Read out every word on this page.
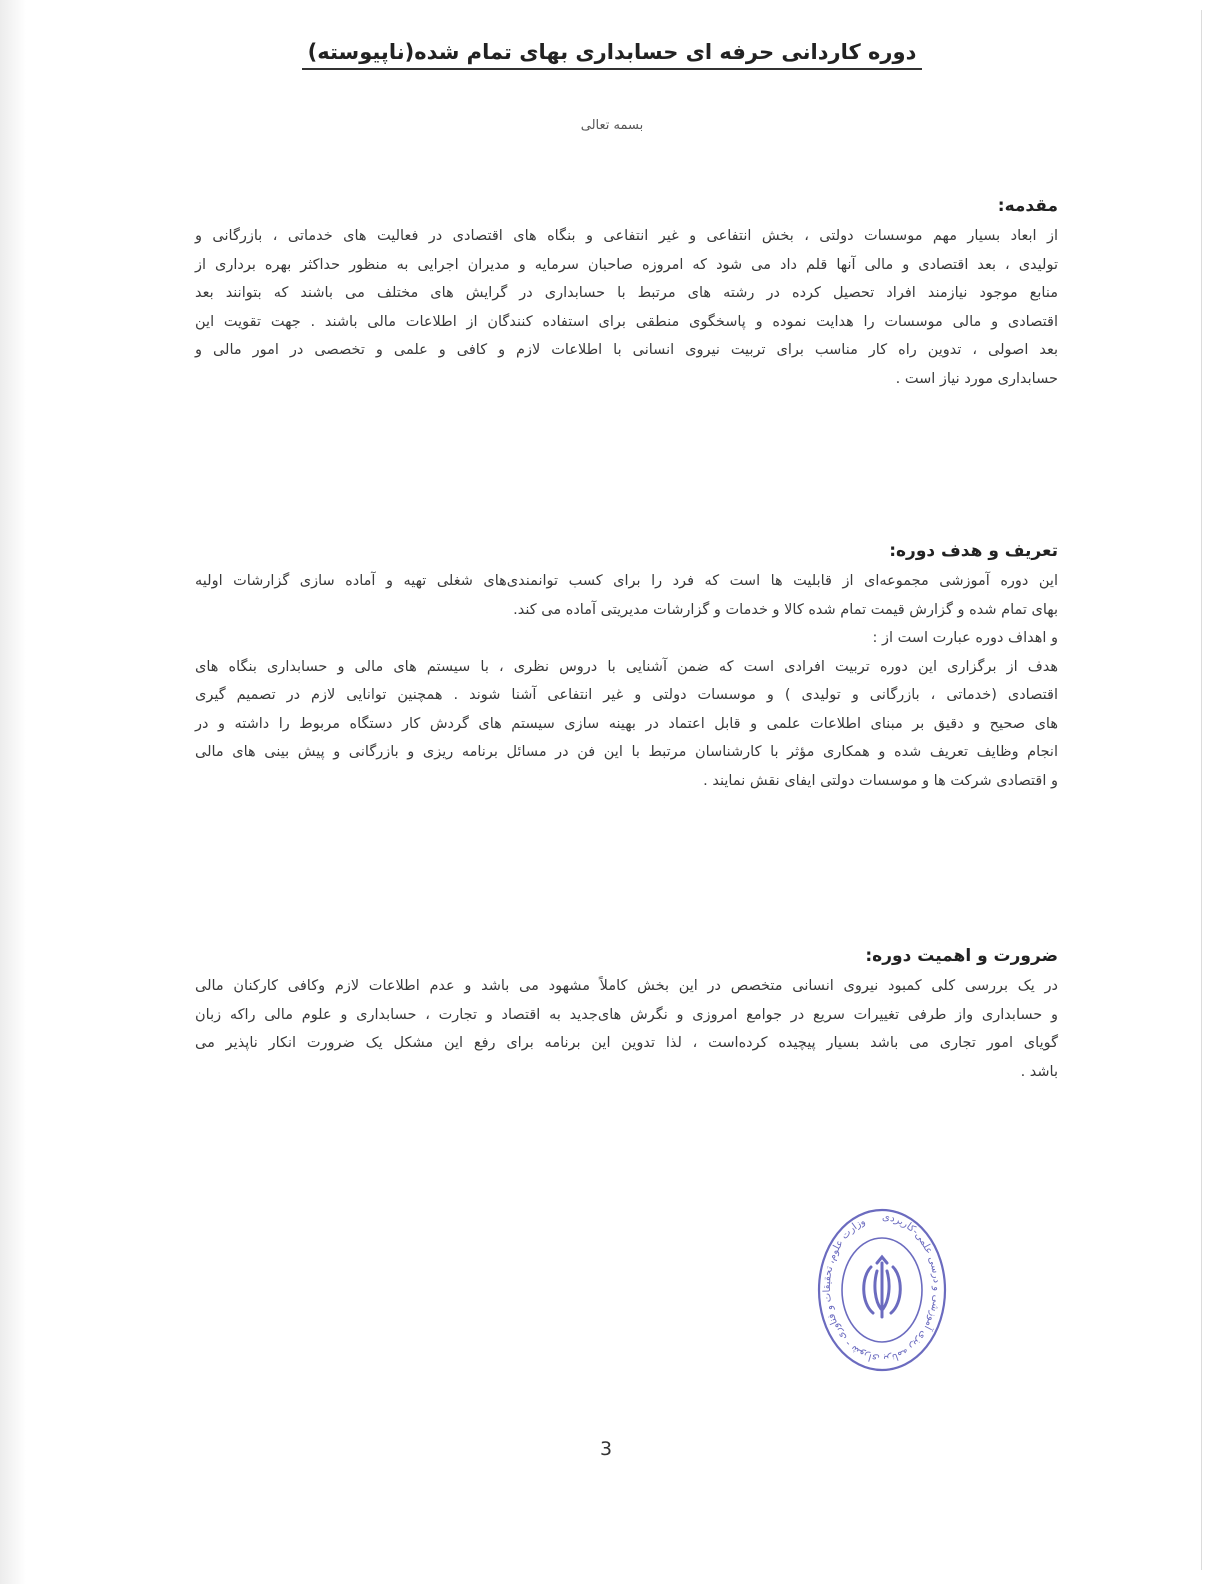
دوره کاردانی حرفه ای حسابداری بهای تمام شده(ناپیوسته)
بسمه تعالی
مقدمه:
از ابعاد بسیار مهم موسسات دولتی ، بخش انتفاعی و غیر انتفاعی و بنگاه های اقتصادی در فعالیت های خدماتی ، بازرگانی و
تولیدی ، بعد اقتصادی و مالی آنها قلم داد می شود که امروزه صاحبان سرمایه و مدیران اجرایی به منظور حداکثر بهره برداری از
منابع موجود نیازمند افراد تحصیل کرده در رشته های مرتبط با حسابداری در گرایش های مختلف می باشند که بتوانند بعد
اقتصادی و مالی موسسات را هدایت نموده و پاسخگوی منطقی برای استفاده کنندگان از اطلاعات مالی باشند . جهت تقویت این
بعد اصولی ، تدوین راه کار مناسب برای تربیت نیروی انسانی با اطلاعات لازم و کافی و علمی و تخصصی در امور مالی و
حسابداری مورد نیاز است .
تعریف و هدف دوره:
این دوره آموزشی مجموعه‌ای از قابلیت ها است که فرد را برای کسب توانمندی‌های شغلی تهیه و آماده سازی گزارشات اولیه
بهای تمام شده و گزارش قیمت تمام شده کالا و خدمات و گزارشات مدیریتی آماده می کند.
و اهداف دوره عبارت است از :
هدف از برگزاری این دوره تربیت افرادی است که ضمن آشنایی با دروس نظری ، با سیستم های مالی و حسابداری بنگاه های
اقتصادی (خدماتی ، بازرگانی و تولیدی ) و موسسات دولتی و غیر انتفاعی آشنا شوند . همچنین توانایی لازم در تصمیم گیری
های صحیح و دقیق بر مبنای اطلاعات علمی و قابل اعتماد در بهینه سازی سیستم های گردش کار دستگاه مربوط را داشته و در
انجام وظایف تعریف شده و همکاری مؤثر با کارشناسان مرتبط با این فن در مسائل برنامه ریزی و بازرگانی و پیش بینی های مالی
و اقتصادی شرکت ها و موسسات دولتی ایفای نقش نمایند .
ضرورت و اهمیت دوره:
در یک بررسی کلی کمبود نیروی انسانی متخصص در این بخش کاملاً مشهود می باشد و عدم اطلاعات لازم وکافی کارکنان مالی
و حسابداری واز طرفی تغییرات سریع در جوامع امروزی و نگرش های‌جدید به اقتصاد و تجارت ، حسابداری و علوم مالی راکه زبان
گویای امور تجاری می باشد بسیار پیچیده کرده‌است ، لذا تدوین این برنامه برای رفع این مشکل یک ضرورت انکار ناپذیر می
باشد .
وزارت علوم، تحقیقات و فناوری - شورای برنامه ریزی آموزشی و درسی علمی-کاربردی
3
